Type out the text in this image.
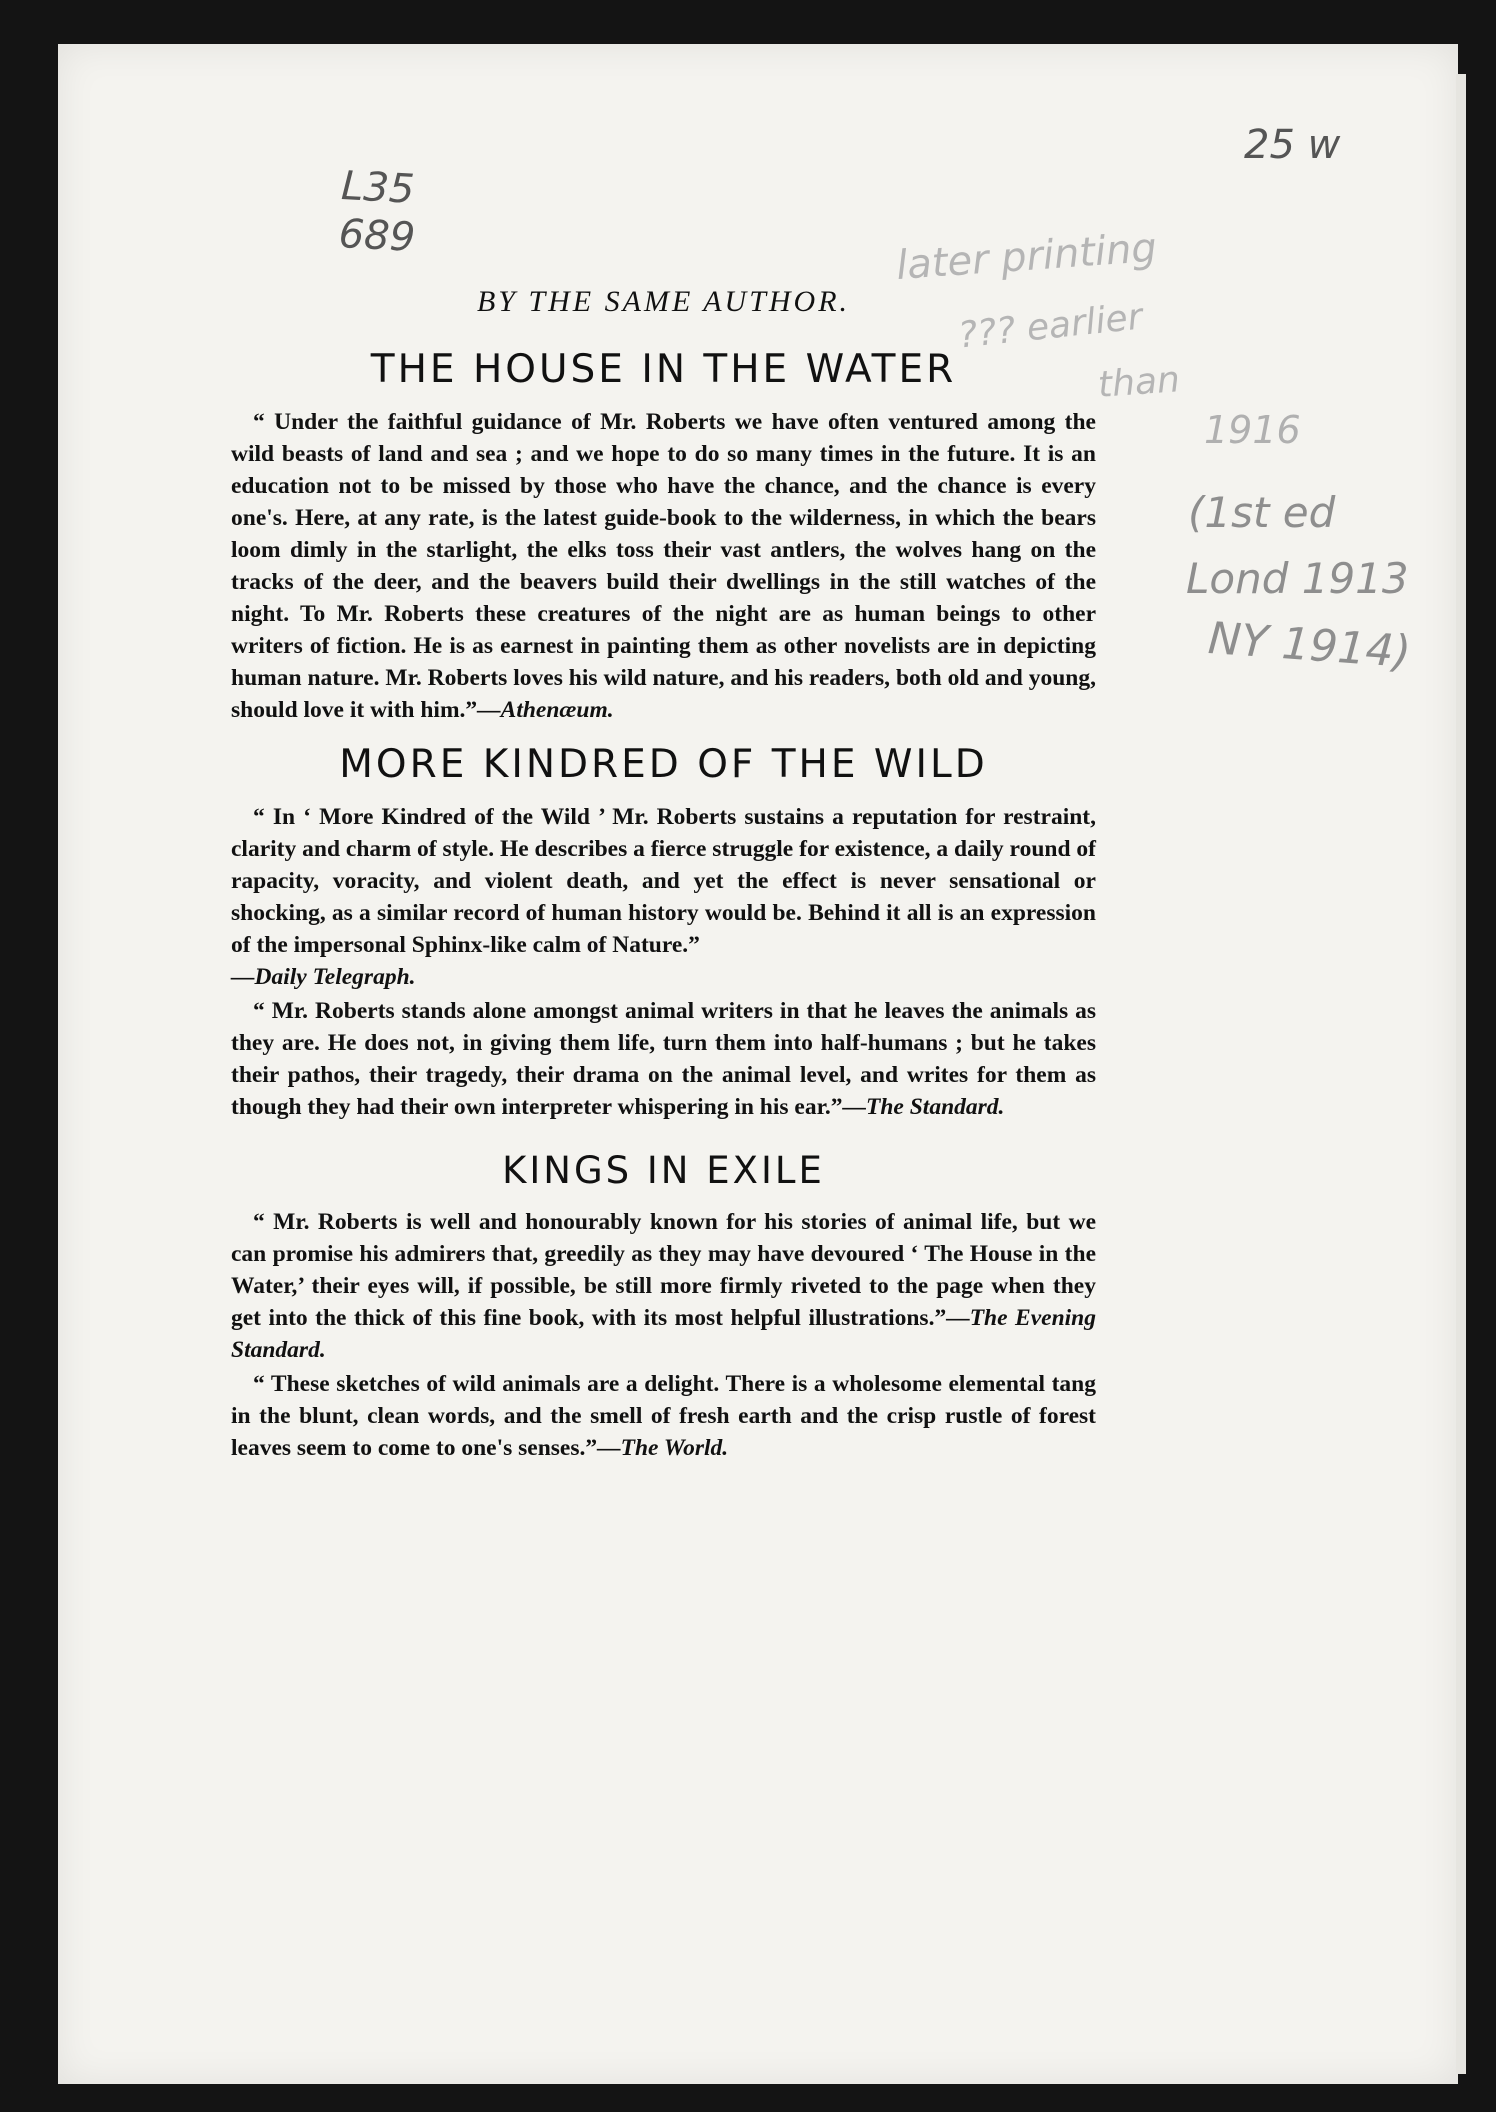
L35
689
25 w
later printing
??? earlier
than
1916
(1st ed
Lond 1913
NY 1914)

BY THE SAME AUTHOR.

THE HOUSE IN THE WATER

“ Under the faithful guidance of Mr. Roberts we have often ventured among the wild beasts of land and sea ; and we hope to do so many times in the future. It is an education not to be missed by those who have the chance, and the chance is every one's. Here, at any rate, is the latest guide-book to the wilderness, in which the bears loom dimly in the starlight, the elks toss their vast antlers, the wolves hang on the tracks of the deer, and the beavers build their dwellings in the still watches of the night. To Mr. Roberts these creatures of the night are as human beings to other writers of fiction. He is as earnest in painting them as other novelists are in depicting human nature. Mr. Roberts loves his wild nature, and his readers, both old and young, should love it with him.”—Athenæum.

MORE KINDRED OF THE WILD

“ In ‘ More Kindred of the Wild ’ Mr. Roberts sustains a reputation for restraint, clarity and charm of style. He describes a fierce struggle for existence, a daily round of rapacity, voracity, and violent death, and yet the effect is never sensational or shocking, as a similar record of human history would be. Behind it all is an expression of the impersonal Sphinx-like calm of Nature.”
—Daily Telegraph.

“ Mr. Roberts stands alone amongst animal writers in that he leaves the animals as they are. He does not, in giving them life, turn them into half-humans ; but he takes their pathos, their tragedy, their drama on the animal level, and writes for them as though they had their own interpreter whispering in his ear.”—The Standard.

KINGS IN EXILE

“ Mr. Roberts is well and honourably known for his stories of animal life, but we can promise his admirers that, greedily as they may have devoured ‘ The House in the Water,’ their eyes will, if possible, be still more firmly riveted to the page when they get into the thick of this fine book, with its most helpful illustrations.”—The Evening Standard.

“ These sketches of wild animals are a delight. There is a wholesome elemental tang in the blunt, clean words, and the smell of fresh earth and the crisp rustle of forest leaves seem to come to one's senses.”—The World.
